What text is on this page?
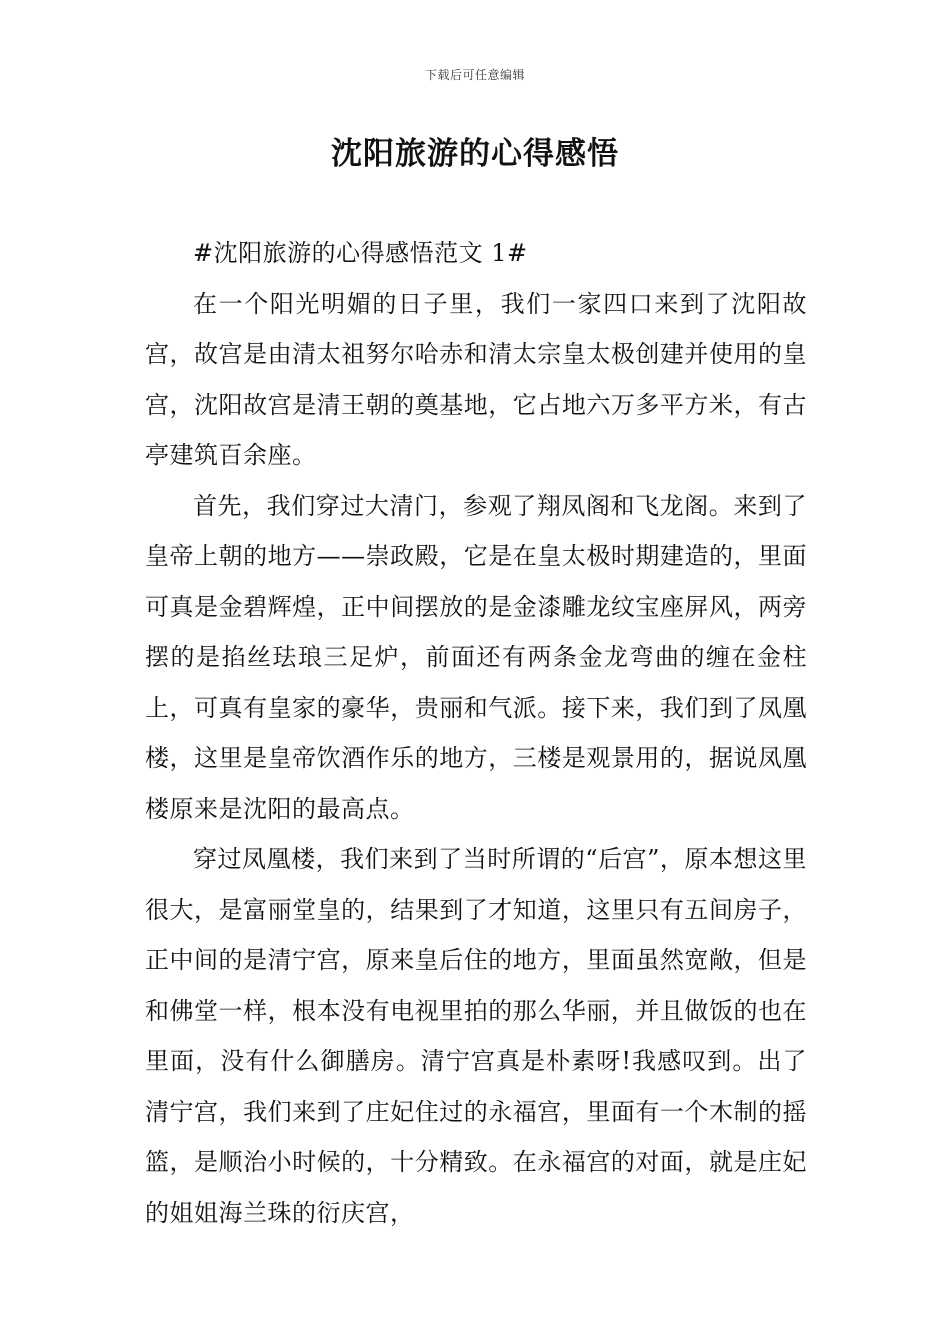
下载后可任意编辑
沈阳旅游的心得感悟

#沈阳旅游的心得感悟范文 1#

在一个阳光明媚的日子里，我们一家四口来到了沈阳故宫，故宫是由清太祖努尔哈赤和清太宗皇太极创建并使用的皇宫，沈阳故宫是清王朝的奠基地，它占地六万多平方米，有古亭建筑百余座。

首先，我们穿过大清门，参观了翔凤阁和飞龙阁。来到了皇帝上朝的地方——崇政殿，它是在皇太极时期建造的，里面可真是金碧辉煌，正中间摆放的是金漆雕龙纹宝座屏风，两旁摆的是掐丝珐琅三足炉，前面还有两条金龙弯曲的缠在金柱上，可真有皇家的豪华，贵丽和气派。接下来，我们到了凤凰楼，这里是皇帝饮酒作乐的地方，三楼是观景用的，据说凤凰楼原来是沈阳的最高点。

穿过凤凰楼，我们来到了当时所谓的“后宫”，原本想这里很大，是富丽堂皇的，结果到了才知道，这里只有五间房子，正中间的是清宁宫，原来皇后住的地方，里面虽然宽敞，但是和佛堂一样，根本没有电视里拍的那么华丽，并且做饭的也在里面，没有什么御膳房。清宁宫真是朴素呀!我感叹到。出了清宁宫，我们来到了庄妃住过的永福宫，里面有一个木制的摇篮，是顺治小时候的，十分精致。在永福宫的对面，就是庄妃的姐姐海兰珠的衍庆宫，
